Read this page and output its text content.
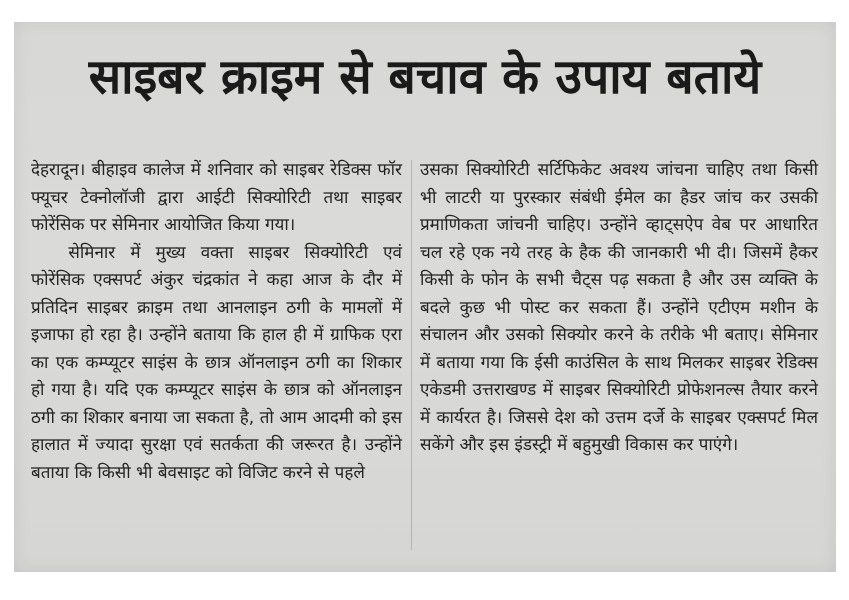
साइबर क्राइम से बचाव के उपाय बताये

देहरादून। बीहाइव कालेज में शनिवार को साइबर रेडिक्स फॉर फ्यूचर टेक्नोलॉजी द्वारा आईटी सिक्योरिटी तथा साइबर फोरेंसिक पर सेमिनार आयोजित किया गया।

सेमिनार में मुख्य वक्ता साइबर सिक्योरिटी एवं फोरेंसिक एक्सपर्ट अंकुर चंद्रकांत ने कहा आज के दौर में प्रतिदिन साइबर क्राइम तथा आनलाइन ठगी के मामलों में इजाफा हो रहा है। उन्होंने बताया कि हाल ही में ग्राफिक एरा का एक कम्प्यूटर साइंस के छात्र ऑनलाइन ठगी का शिकार हो गया है। यदि एक कम्प्यूटर साइंस के छात्र को ऑनलाइन ठगी का शिकार बनाया जा सकता है, तो आम आदमी को इस हालात में ज्यादा सुरक्षा एवं सतर्कता की जरूरत है। उन्होंने बताया कि किसी भी बेवसाइट को विजिट करने से पहले

उसका सिक्योरिटी सर्टिफिकेट अवश्य जांचना चाहिए तथा किसी भी लाटरी या पुरस्कार संबंधी ईमेल का हैडर जांच कर उसकी प्रमाणिकता जांचनी चाहिए। उन्होंने व्हाट्सऐप वेब पर आधारित चल रहे एक नये तरह के हैक की जानकारी भी दी। जिसमें हैकर किसी के फोन के सभी चैट्स पढ़ सकता है और उस व्यक्ति के बदले कुछ भी पोस्ट कर सकता हैं। उन्होंने एटीएम मशीन के संचालन और उसको सिक्योर करने के तरीके भी बताए। सेमिनार में बताया गया कि ईसी काउंसिल के साथ मिलकर साइबर रेडिक्स एकेडमी उत्तराखण्ड में साइबर सिक्योरिटी प्रोफेशनल्स तैयार करने में कार्यरत है। जिससे देश को उत्तम दर्जे के साइबर एक्सपर्ट मिल सकेंगे और इस इंडस्ट्री में बहुमुखी विकास कर पाएंगे।
